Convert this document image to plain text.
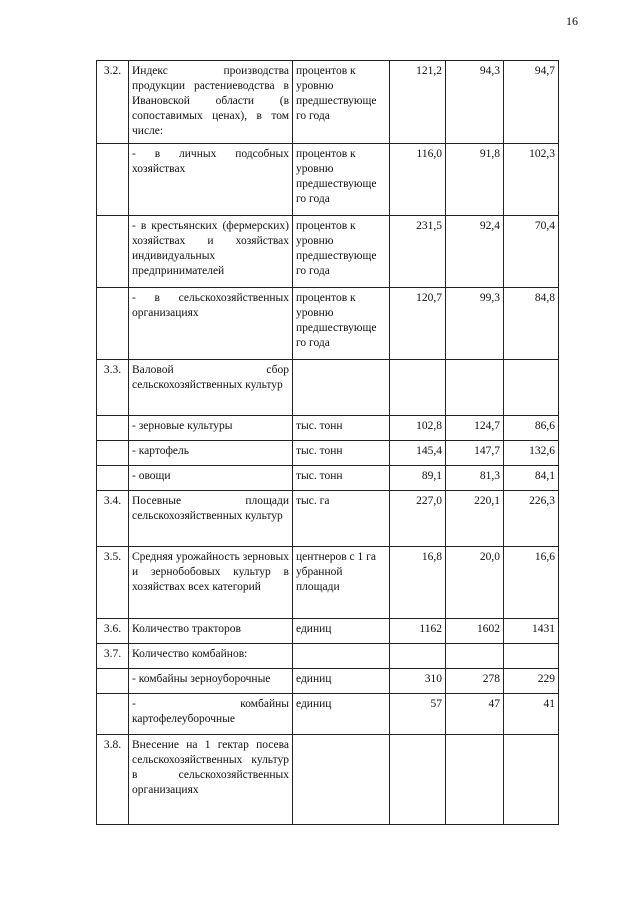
16
3.2.	Индекс производства продукции растениеводства в Ивановской области (в сопоставимых ценах), в том числе:	процентов к уровню предшествующе го года	121,2	94,3	94,7
	- в личных подсобных хозяйствах	процентов к уровню предшествующе го года	116,0	91,8	102,3
	- в крестьянских (фермерских) хозяйствах и хозяйствах индивидуальных предпринимателей	процентов к уровню предшествующе го года	231,5	92,4	70,4
	- в сельскохозяйственных организациях	процентов к уровню предшествующе го года	120,7	99,3	84,8
3.3.	Валовой сбор сельскохозяйственных культур				
	- зерновые культуры	тыс. тонн	102,8	124,7	86,6
	- картофель	тыс. тонн	145,4	147,7	132,6
	- овощи	тыс. тонн	89,1	81,3	84,1
3.4.	Посевные площади сельскохозяйственных культур	тыс. га	227,0	220,1	226,3
3.5.	Средняя урожайность зерновых и зернобобовых культур в хозяйствах всех категорий	центнеров с 1 га убранной площади	16,8	20,0	16,6
3.6.	Количество тракторов	единиц	1162	1602	1431
3.7.	Количество комбайнов:				
	- комбайны зерноуборочные	единиц	310	278	229
	- комбайны картофелеуборочные	единиц	57	47	41
3.8.	Внесение на 1 гектар посева сельскохозяйственных культур в сельскохозяйственных организациях				
